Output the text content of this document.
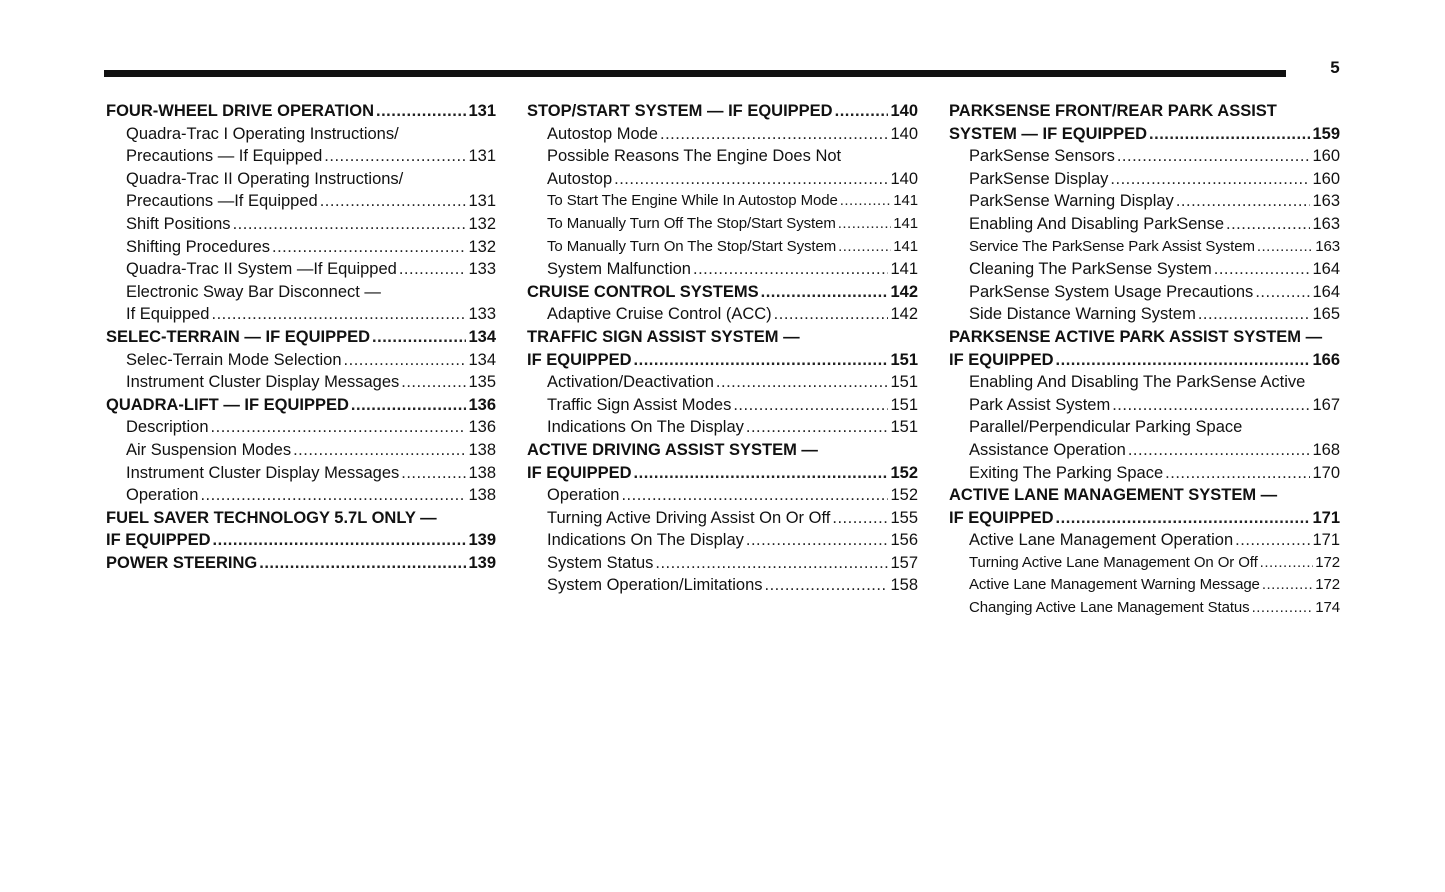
5
FOUR-WHEEL DRIVE OPERATION .....	131
Quadra-Trac I Operating Instructions/
Precautions — If Equipped .....	131
Quadra-Trac II Operating Instructions/
Precautions —If Equipped .....	131
Shift Positions .....	132
Shifting Procedures .....	132
Quadra-Trac II System —If Equipped .....	133
Electronic Sway Bar Disconnect —
If Equipped .....	133
SELEC-TERRAIN — IF EQUIPPED .....	134
Selec-Terrain Mode Selection .....	134
Instrument Cluster Display Messages .....	135
QUADRA-LIFT — IF EQUIPPED .....	136
Description .....	136
Air Suspension Modes .....	138
Instrument Cluster Display Messages .....	138
Operation .....	138
FUEL SAVER TECHNOLOGY 5.7L ONLY —
IF EQUIPPED .....	139
POWER STEERING .....	139
STOP/START SYSTEM — IF EQUIPPED .....	140
Autostop Mode .....	140
Possible Reasons The Engine Does Not
Autostop .....	140
To Start The Engine While In Autostop Mode .....	141
To Manually Turn Off The Stop/Start System .....	141
To Manually Turn On The Stop/Start System .....	141
System Malfunction .....	141
CRUISE CONTROL SYSTEMS .....	142
Adaptive Cruise Control (ACC) .....	142
TRAFFIC SIGN ASSIST SYSTEM —
IF EQUIPPED .....	151
Activation/Deactivation .....	151
Traffic Sign Assist Modes .....	151
Indications On The Display .....	151
ACTIVE DRIVING ASSIST SYSTEM —
IF EQUIPPED .....	152
Operation .....	152
Turning Active Driving Assist On Or Off .....	155
Indications On The Display .....	156
System Status .....	157
System Operation/Limitations .....	158
PARKSENSE FRONT/REAR PARK ASSIST
SYSTEM — IF EQUIPPED .....	159
ParkSense Sensors .....	160
ParkSense Display .....	160
ParkSense Warning Display .....	163
Enabling And Disabling ParkSense .....	163
Service The ParkSense Park Assist System .....	163
Cleaning The ParkSense System .....	164
ParkSense System Usage Precautions .....	164
Side Distance Warning System .....	165
PARKSENSE ACTIVE PARK ASSIST SYSTEM —
IF EQUIPPED .....	166
Enabling And Disabling The ParkSense Active
Park Assist System .....	167
Parallel/Perpendicular Parking Space
Assistance Operation .....	168
Exiting The Parking Space .....	170
ACTIVE LANE MANAGEMENT SYSTEM —
IF EQUIPPED .....	171
Active Lane Management Operation .....	171
Turning Active Lane Management On Or Off .....	172
Active Lane Management Warning Message .....	172
Changing Active Lane Management Status .....	174
